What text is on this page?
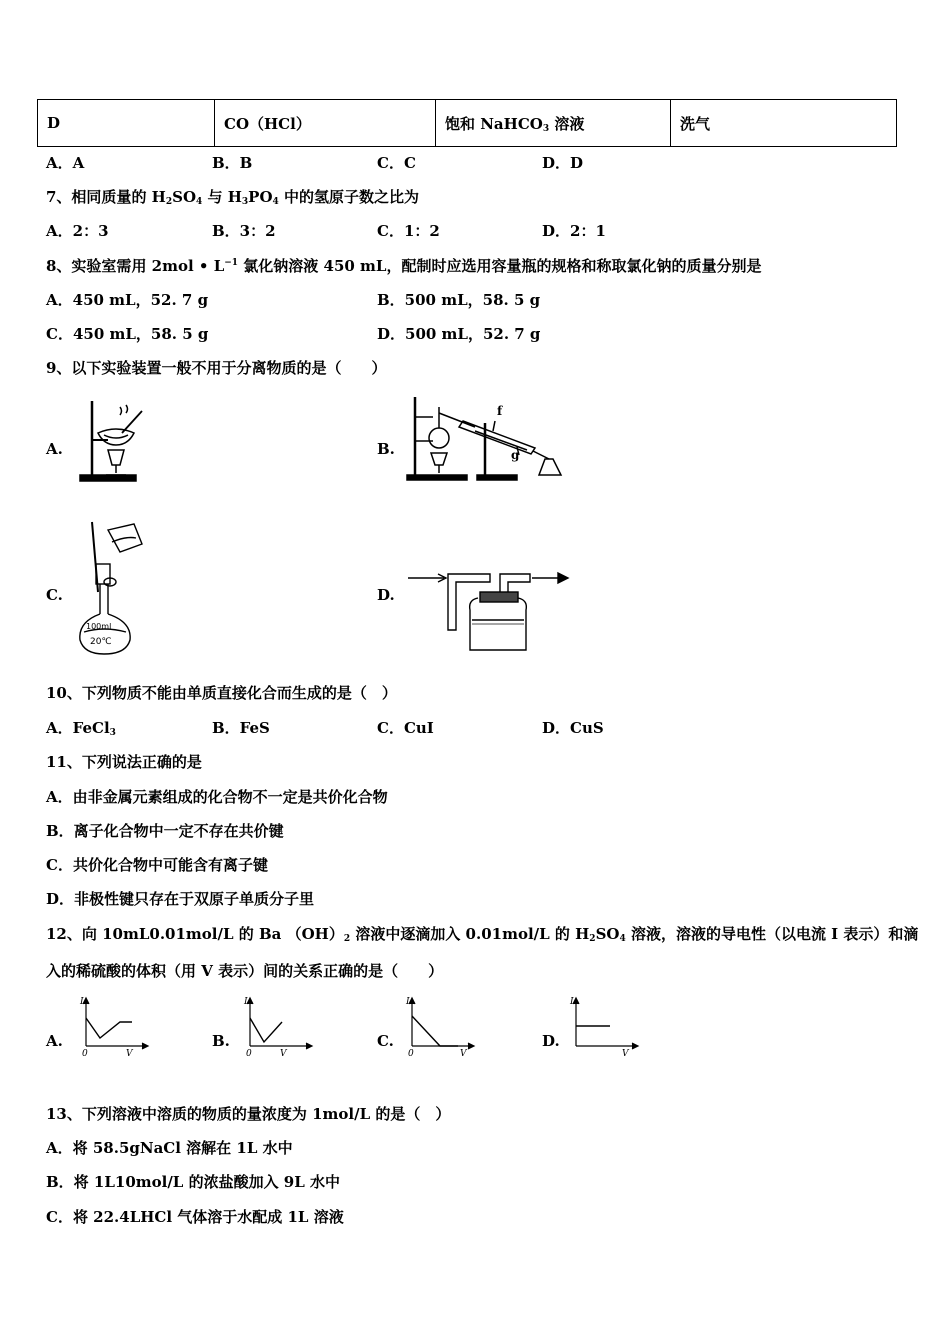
D	CO（HCl）	饱和 NaHCO$_3$ 溶液	洗气
A．A	B．B	C．C	D．D
7、相同质量的 $H_2SO_4$ 与 $H_3PO_4$ 中的氢原子数之比为
A．2：3	B．3：2	C．1：2	D．2：1
8、实验室需用 2mol • $L^{-1}$ 氯化钠溶液 450 mL，配制时应选用容量瓶的规格和称取氯化钠的质量分别是
A．450 mL，52. 7 g	B．500 mL，58. 5 g
C．450 mL，58. 5 g	D．500 mL，52. 7 g
9、以下实验装置一般不用于分离物质的是（　　）
A.	B.
C.	D.
f
g
100ml
20℃
10、下列物质不能由单质直接化合而生成的是（　）
A．FeCl$_3$	B．FeS	C．CuI	D．CuS
11、下列说法正确的是
A．由非金属元素组成的化合物不一定是共价化合物
B．离子化合物中一定不存在共价键
C．共价化合物中可能含有离子键
D．非极性键只存在于双原子单质分子里
12、向 10mL0.01mol/L 的 Ba $(OH)_2$ 溶液中逐滴加入 0.01mol/L 的 $H_2SO_4$ 溶液，溶液的导电性（以电流 I 表示）和滴
入的稀硫酸的体积（用 V 表示）间的关系正确的是（　　）
A.	B.	C.	D.
I
0	V
I
0	V
I
0	V
I
V
13、下列溶液中溶质的物质的量浓度为 1mol/L 的是（　）
A．将 58.5gNaCl 溶解在 1L 水中
B．将 1L10mol/L 的浓盐酸加入 9L 水中
C．将 22.4LHCl 气体溶于水配成 1L 溶液
